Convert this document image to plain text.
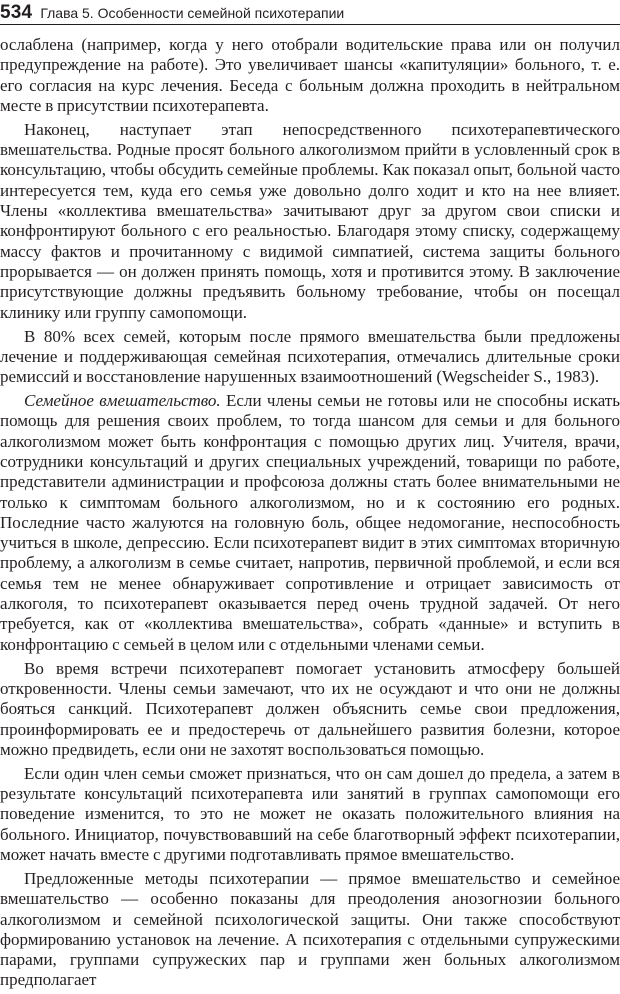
534 Глава 5. Особенности семейной психотерапии

ослаблена (например, когда у него отобрали водительские права или он получил предупреждение на работе). Это увеличивает шансы «капитуляции» больного, т. е. его согласия на курс лечения. Беседа с больным должна проходить в нейтральном месте в присутствии психотерапевта.

Наконец, наступает этап непосредственного психотерапевтического вмешательства. Родные просят больного алкоголизмом прийти в условленный срок в консультацию, чтобы обсудить семейные проблемы. Как показал опыт, больной часто интересуется тем, куда его семья уже довольно долго ходит и кто на нее влияет. Члены «коллектива вмешательства» зачитывают друг за другом свои списки и конфронтируют больного с его реальностью. Благодаря этому списку, содержащему массу фактов и прочитанному с видимой симпатией, система защиты больного прорывается — он должен принять помощь, хотя и противится этому. В заключение присутствующие должны предъявить больному требование, чтобы он посещал клинику или группу самопомощи.

В 80% всех семей, которым после прямого вмешательства были предложены лечение и поддерживающая семейная психотерапия, отмечались длительные сроки ремиссий и восстановление нарушенных взаимоотношений (Wegscheider S., 1983).

Семейное вмешательство. Если члены семьи не готовы или не способны искать помощь для решения своих проблем, то тогда шансом для семьи и для больного алкоголизмом может быть конфронтация с помощью других лиц. Учителя, врачи, сотрудники консультаций и других специальных учреждений, товарищи по работе, представители администрации и профсоюза должны стать более внимательными не только к симптомам больного алкоголизмом, но и к состоянию его родных. Последние часто жалуются на головную боль, общее недомогание, неспособность учиться в школе, депрессию. Если психотерапевт видит в этих симптомах вторичную проблему, а алкоголизм в семье считает, напротив, первичной проблемой, и если вся семья тем не менее обнаруживает сопротивление и отрицает зависимость от алкоголя, то психотерапевт оказывается перед очень трудной задачей. От него требуется, как от «коллектива вмешательства», собрать «данные» и вступить в конфронтацию с семьей в целом или с отдельными членами семьи.

Во время встречи психотерапевт помогает установить атмосферу большей откровенности. Члены семьи замечают, что их не осуждают и что они не должны бояться санкций. Психотерапевт должен объяснить семье свои предложения, проинформировать ее и предостеречь от дальнейшего развития болезни, которое можно предвидеть, если они не захотят воспользоваться помощью.

Если один член семьи сможет признаться, что он сам дошел до предела, а затем в результате консультаций психотерапевта или занятий в группах самопомощи его поведение изменится, то это не может не оказать положительного влияния на больного. Инициатор, почувствовавший на себе благотворный эффект психотерапии, может начать вместе с другими подготавливать прямое вмешательство.

Предложенные методы психотерапии — прямое вмешательство и семейное вмешательство — особенно показаны для преодоления анозогнозии больного алкоголизмом и семейной психологической защиты. Они также способствуют формированию установок на лечение. А психотерапия с отдельными супружескими парами, группами супружеских пар и группами жен больных алкоголизмом предполагает
